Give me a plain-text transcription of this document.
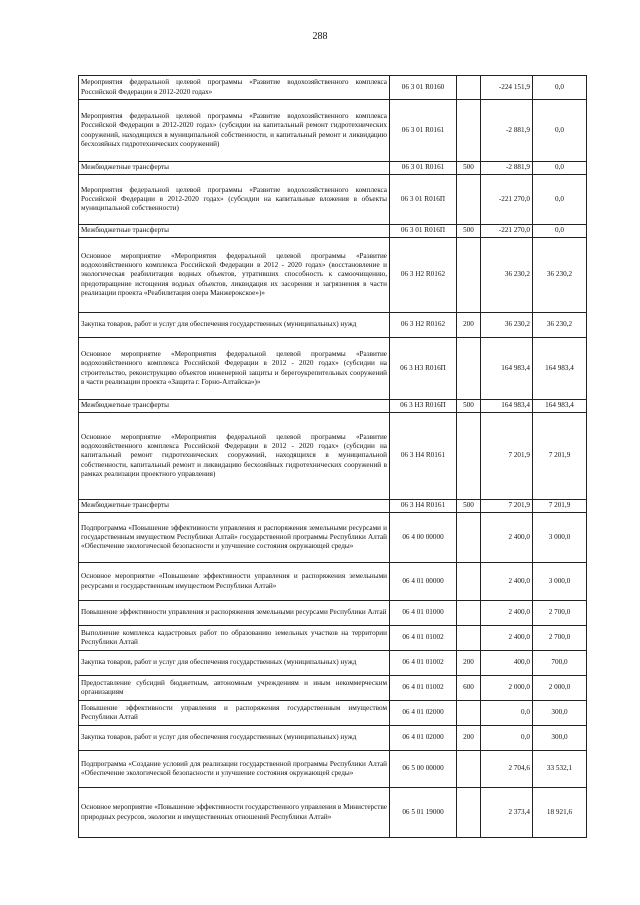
288
Мероприятия федеральной целевой программы «Развитие водохозяйственного комплекса Российской Федерации в 2012-2020 годах»	06 3 01 R0160		-224 151,9	0,0
Мероприятия федеральной целевой программы «Развитие водохозяйственного комплекса Российской Федерации в 2012-2020 годах» (субсидии на капитальный ремонт гидротехнических сооружений, находящихся в муниципальной собственности, и капитальный ремонт и ликвидацию бесхозяйных гидротехнических сооружений)	06 3 01 R0161		-2 881,9	0,0
Межбюджетные трансферты	06 3 01 R0161	500	-2 881,9	0,0
Мероприятия федеральной целевой программы «Развитие водохозяйственного комплекса Российской Федерации в 2012-2020 годах» (субсидии на капитальные вложения в объекты муниципальной собственности)	06 3 01 R016П		-221 270,0	0,0
Межбюджетные трансферты	06 3 01 R016П	500	-221 270,0	0,0
Основное мероприятие «Мероприятия федеральной целевой программы «Развитие водохозяйственного комплекса Российской Федерации в 2012 - 2020 годах» (восстановление и экологическая реабилитация водных объектов, утративших способность к самоочищению, предотвращение истощения водных объектов, ликвидация их засорения и загрязнения в части реализации проекта «Реабилитация озера Манжерокское»)»	06 3 Н2 R0162		36 230,2	36 230,2
Закупка товаров, работ и услуг для обеспечения государственных (муниципальных) нужд	06 3 Н2 R0162	200	36 230,2	36 230,2
Основное мероприятие «Мероприятия федеральной целевой программы «Развитие водохозяйственного комплекса Российской Федерации в 2012 - 2020 годах» (субсидии на строительство, реконструкцию объектов инженерной защиты и берегоукрепительных сооружений в части реализации проекта «Защита г. Горно-Алтайска»)»	06 3 Н3 R016П		164 983,4	164 983,4
Межбюджетные трансферты	06 3 Н3 R016П	500	164 983,4	164 983,4
Основное мероприятие «Мероприятия федеральной целевой программы «Развитие водохозяйственного комплекса Российской Федерации в 2012 - 2020 годах» (субсидии на капитальный ремонт гидротехнических сооружений, находящихся в муниципальной собственности, капитальный ремонт и ликвидацию бесхозяйных гидротехнических сооружений в рамках реализации проектного управления)	06 3 Н4 R0161		7 201,9	7 201,9
Межбюджетные трансферты	06 3 Н4 R0161	500	7 201,9	7 201,9
Подпрограмма «Повышение эффективности управления и распоряжения земельными ресурсами и государственным имуществом Республики Алтай» государственной программы Республики Алтай «Обеспечение экологической безопасности и улучшение состояния окружающей среды»	06 4 00 00000		2 400,0	3 000,0
Основное мероприятие «Повышение эффективности управления и распоряжения земельными ресурсами и государственным имуществом Республики Алтай»	06 4 01 00000		2 400,0	3 000,0
Повышение эффективности управления и распоряжения земельными ресурсами Республики Алтай	06 4 01 01000		2 400,0	2 700,0
Выполнение комплекса кадастровых работ по образованию земельных участков на территории Республики Алтай	06 4 01 01002		2 400,0	2 700,0
Закупка товаров, работ и услуг для обеспечения государственных (муниципальных) нужд	06 4 01 01002	200	400,0	700,0
Предоставление субсидий бюджетным, автономным учреждениям и иным некоммерческим организациям	06 4 01 01002	600	2 000,0	2 000,0
Повышение эффективности управления и распоряжения государственным имуществом Республики Алтай	06 4 01 02000		0,0	300,0
Закупка товаров, работ и услуг для обеспечения государственных (муниципальных) нужд	06 4 01 02000	200	0,0	300,0
Подпрограмма «Создание условий для реализации государственной программы Республики Алтай «Обеспечение экологической безопасности и улучшение состояния окружающей среды»	06 5 00 00000		2 704,6	33 532,1
Основное мероприятие «Повышение эффективности государственного управления в Министерстве природных ресурсов, экологии и имущественных отношений Республики Алтай»	06 5 01 19000		2 373,4	18 921,6
